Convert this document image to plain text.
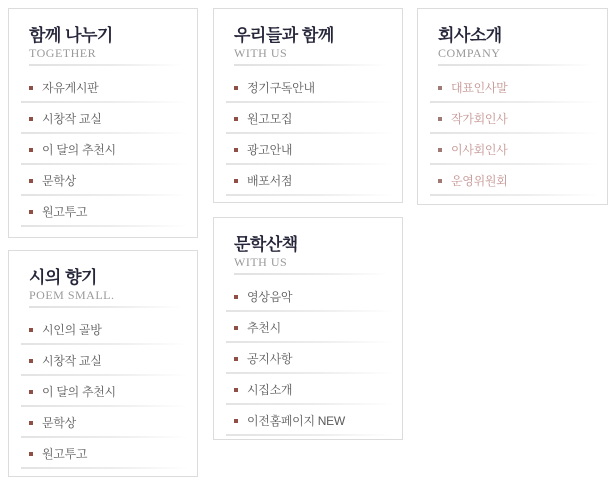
함께 나누기
TOGETHER
자유게시판
시창작 교실
이 달의 추천시
문학상
원고투고
우리들과 함께
WITH US
정기구독안내
원고모집
광고안내
배포서점
회사소개
COMPANY
대표인사말
작가회인사
이사회인사
운영위원회
시의 향기
POEM SMALL.
시인의 골방
시창작 교실
이 달의 추천시
문학상
원고투고
문학산책
WITH US
영상음악
추천시
공지사항
시집소개
이전홈페이지 NEW
